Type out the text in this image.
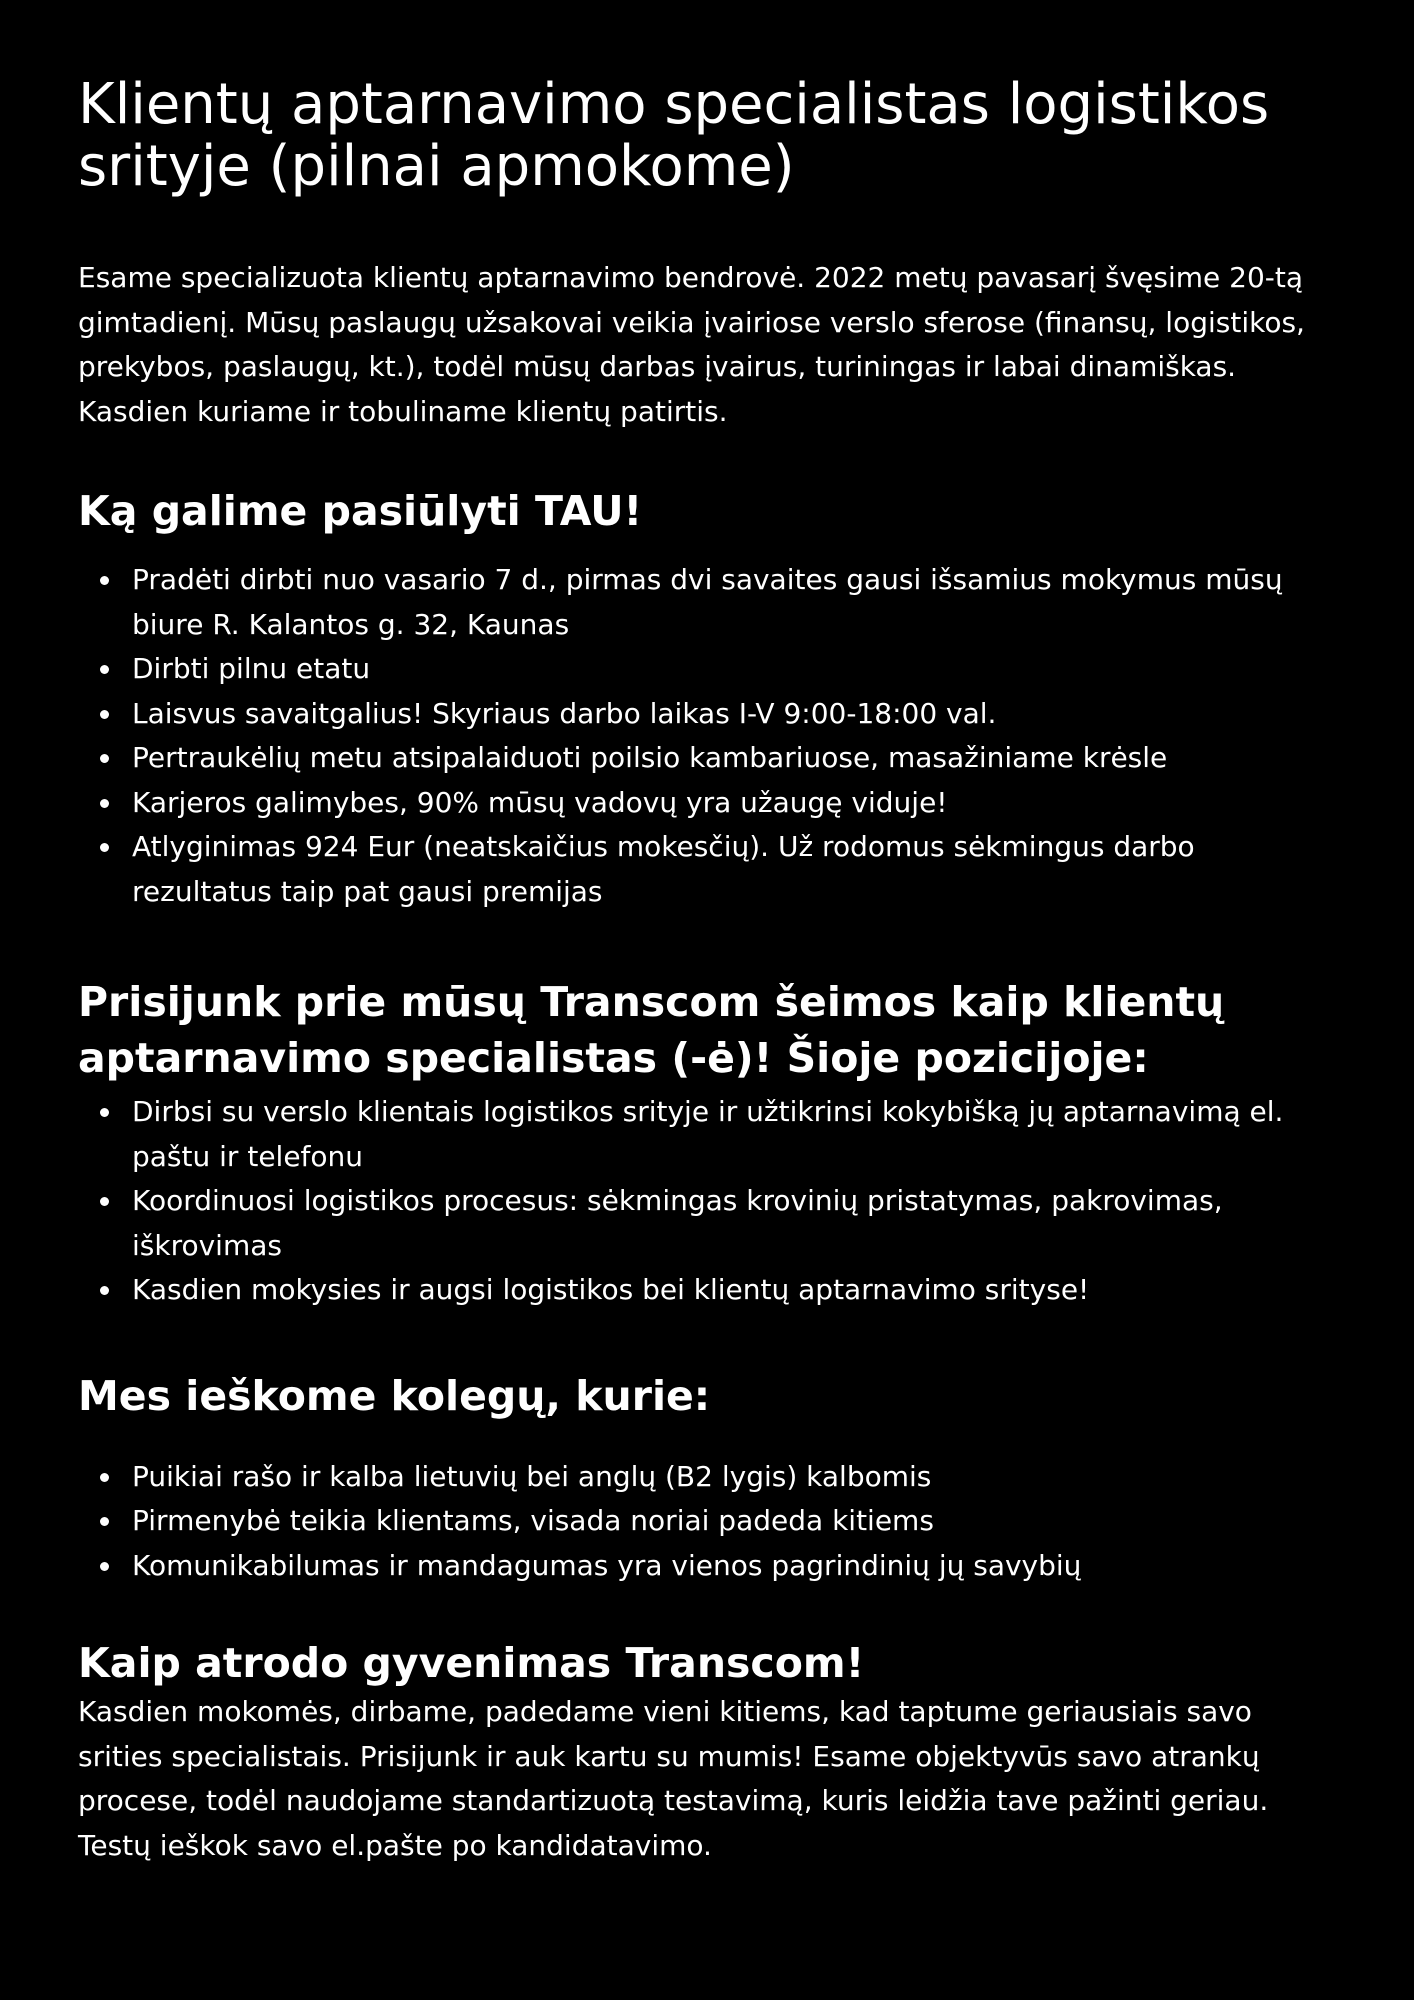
Klientų aptarnavimo specialistas logistikos srityje (pilnai apmokome)

Esame specializuota klientų aptarnavimo bendrovė. 2022 metų pavasarį švęsime 20-tą gimtadienį. Mūsų paslaugų užsakovai veikia įvairiose verslo sferose (finansų, logistikos, prekybos, paslaugų, kt.), todėl mūsų darbas įvairus, turiningas ir labai dinamiškas. Kasdien kuriame ir tobuliname klientų patirtis.

Ką galime pasiūlyti TAU!
Pradėti dirbti nuo vasario 7 d., pirmas dvi savaites gausi išsamius mokymus mūsų biure R. Kalantos g. 32, Kaunas
Dirbti pilnu etatu
Laisvus savaitgalius! Skyriaus darbo laikas I-V 9:00-18:00 val.
Pertraukėlių metu atsipalaiduoti poilsio kambariuose, masažiniame krėsle
Karjeros galimybes, 90% mūsų vadovų yra užaugę viduje!
Atlyginimas 924 Eur (neatskaičius mokesčių). Už rodomus sėkmingus darbo rezultatus taip pat gausi premijas
Prisijunk prie mūsų Transcom šeimos kaip klientų aptarnavimo specialistas (-ė)! Šioje pozicijoje:
Dirbsi su verslo klientais logistikos srityje ir užtikrinsi kokybišką jų aptarnavimą el. paštu ir telefonu
Koordinuosi logistikos procesus: sėkmingas krovinių pristatymas, pakrovimas, iškrovimas
Kasdien mokysies ir augsi logistikos bei klientų aptarnavimo srityse!
Mes ieškome kolegų, kurie:
Puikiai rašo ir kalba lietuvių bei anglų (B2 lygis) kalbomis
Pirmenybė teikia klientams, visada noriai padeda kitiems
Komunikabilumas ir mandagumas yra vienos pagrindinių jų savybių
Kaip atrodo gyvenimas Transcom!

Kasdien mokomės, dirbame, padedame vieni kitiems, kad taptume geriausiais savo srities specialistais. Prisijunk ir auk kartu su mumis! Esame objektyvūs savo atrankų procese, todėl naudojame standartizuotą testavimą, kuris leidžia tave pažinti geriau. Testų ieškok savo el.pašte po kandidatavimo.
